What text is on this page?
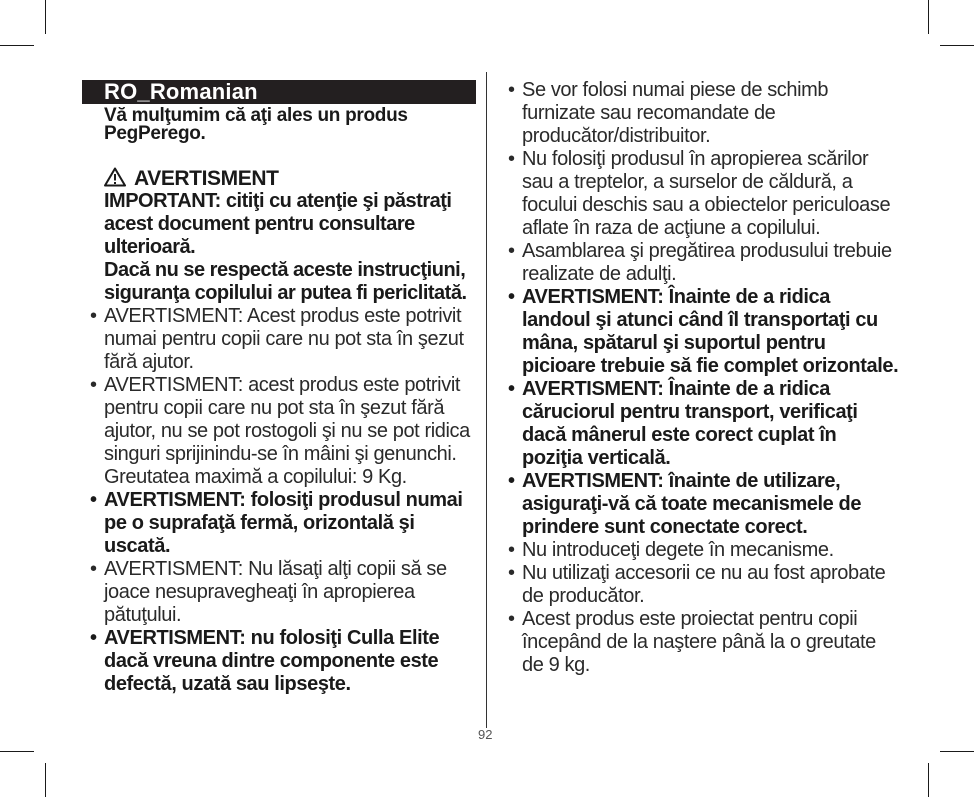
RO_Romanian
Vă mulţumim că aţi ales un produs PegPerego.
AVERTISMENT
IMPORTANT: citiţi cu atenţie şi păstraţi acest document pentru consultare ulterioară.
Dacă nu se respectă aceste instrucţiuni, siguranţa copilului ar putea fi periclitată.
• AVERTISMENT: Acest produs este potrivit numai pentru copii care nu pot sta în şezut fără ajutor.
• AVERTISMENT: acest produs este potrivit pentru copii care nu pot sta în şezut fără ajutor, nu se pot rostogoli şi nu se pot ridica singuri sprijinindu-se în mâini şi genunchi. Greutatea maximă a copilului: 9 Kg.
• AVERTISMENT: folosiţi produsul numai pe o suprafaţă fermă, orizontală şi uscată.
• AVERTISMENT: Nu lăsaţi alţi copii să se joace nesupravegheaţi în apropierea pătuţului.
• AVERTISMENT: nu folosiţi Culla Elite dacă vreuna dintre componente este defectă, uzată sau lipseşte.
92
• Se vor folosi numai piese de schimb furnizate sau recomandate de producător/distribuitor.
• Nu folosiţi produsul în apropierea scărilor sau a treptelor, a surselor de căldură, a focului deschis sau a obiectelor periculoase aflate în raza de acţiune a copilului.
• Asamblarea şi pregătirea produsului trebuie realizate de adulţi.
• AVERTISMENT: Înainte de a ridica landoul şi atunci când îl transportaţi cu mâna, spătarul şi suportul pentru picioare trebuie să fie complet orizontale.
• AVERTISMENT: Înainte de a ridica căruciorul pentru transport, verificaţi dacă mânerul este corect cuplat în poziţia verticală.
• AVERTISMENT: înainte de utilizare, asiguraţi-vă că toate mecanismele de prindere sunt conectate corect.
• Nu introduceţi degete în mecanisme.
• Nu utilizaţi accesorii ce nu au fost aprobate de producător.
• Acest produs este proiectat pentru copii începând de la naştere până la o greutate de 9 kg.
